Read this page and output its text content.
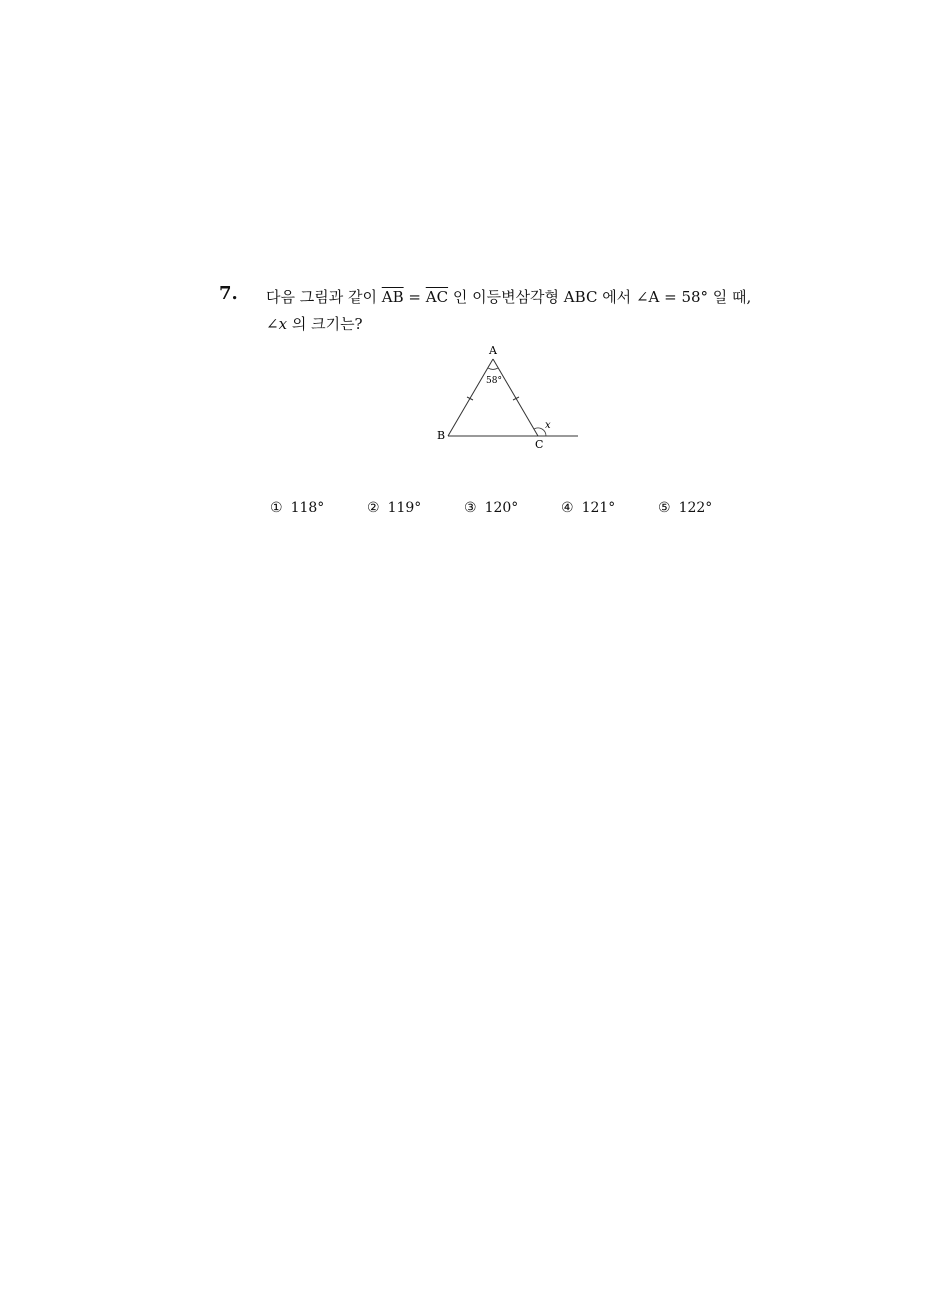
7. 다음 그림과 같이 $\overline{AB} = \overline{AC}$ 인 이등변삼각형 ABC 에서 ∠A = 58° 일 때,
∠x 의 크기는?
A
B
C
58°
x
① 118°	② 119°	③ 120°	④ 121°	⑤ 122°
